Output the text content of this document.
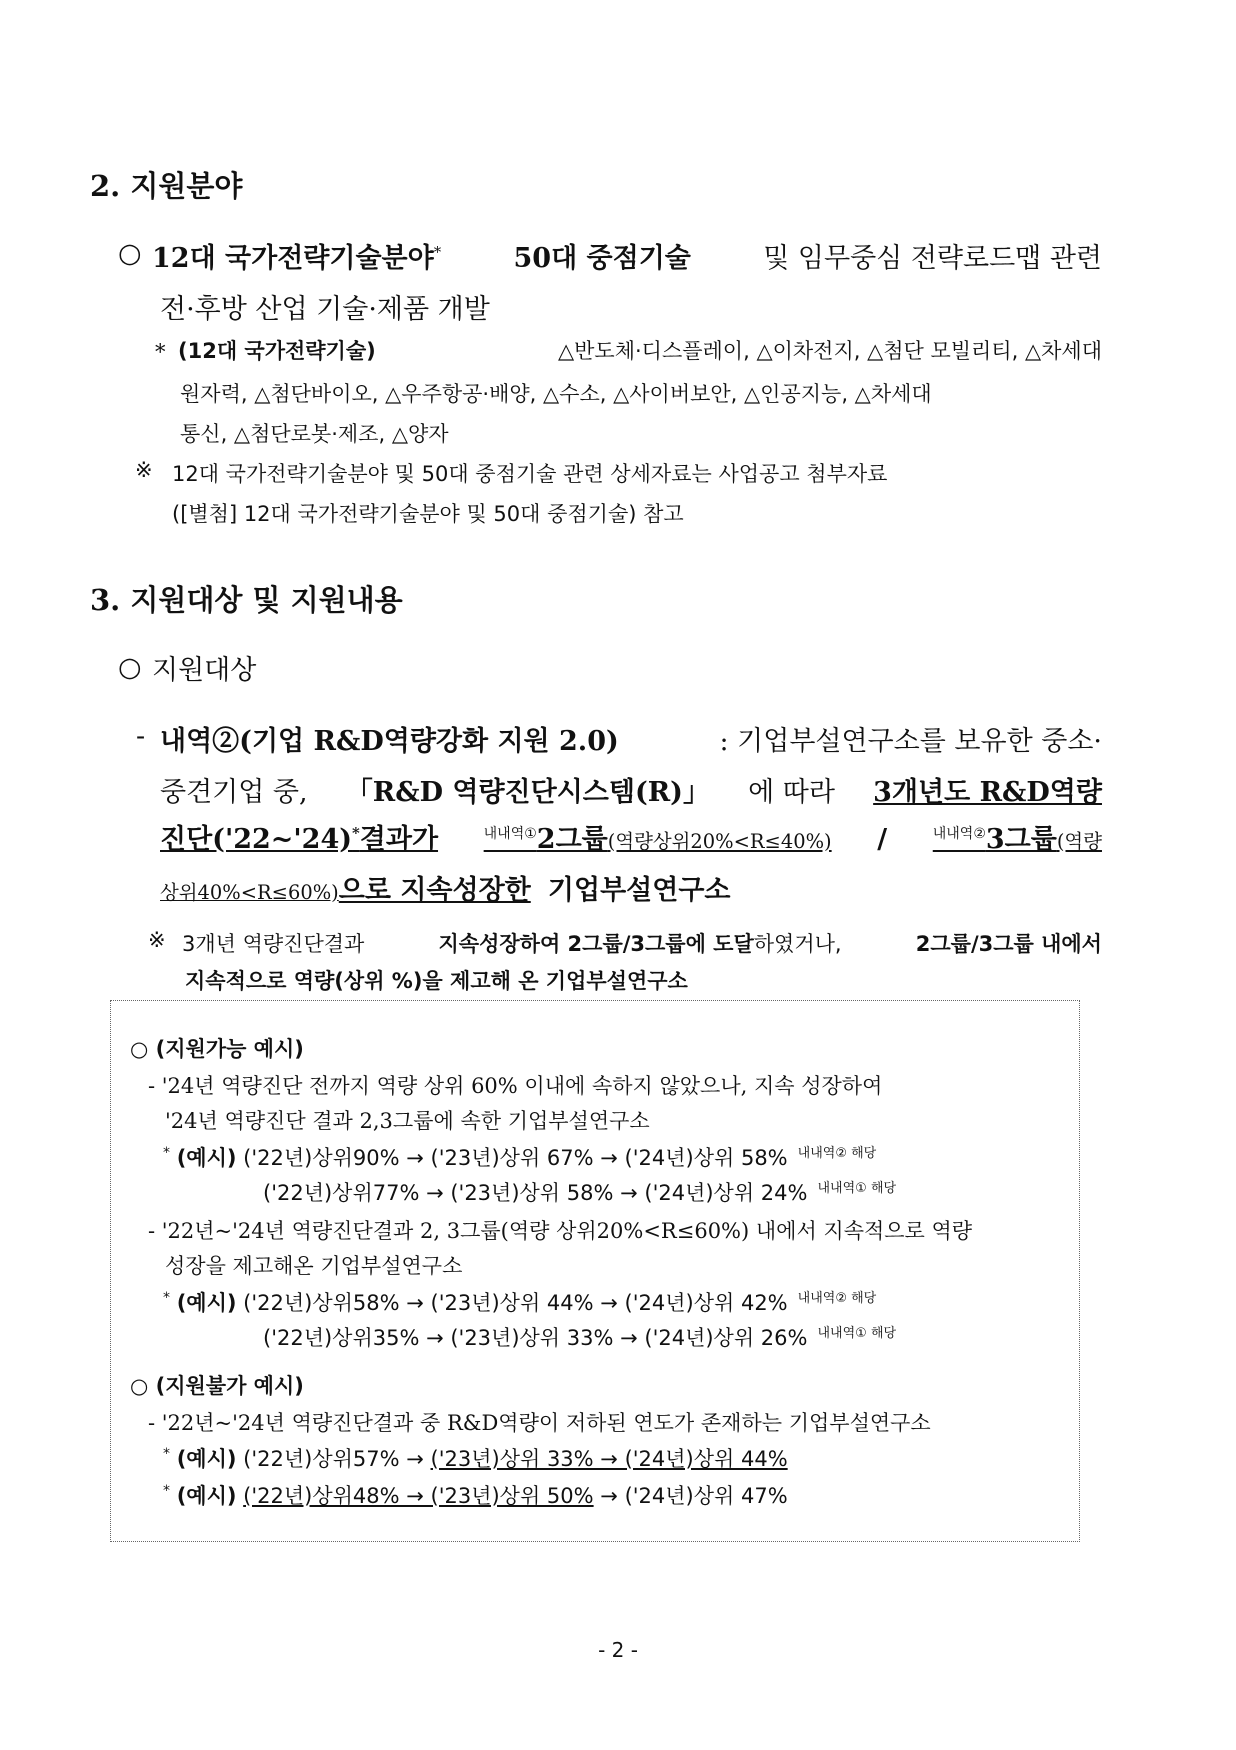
2. 지원분야
○ 12대 국가전략기술분야*	50대 중점기술	및 임무중심 전략로드맵 관련
전·후방 산업 기술·제품 개발
* (12대 국가전략기술)	△반도체·디스플레이, △이차전지, △첨단 모빌리티, △차세대
원자력, △첨단바이오, △우주항공·배양, △수소, △사이버보안, △인공지능, △차세대
통신, △첨단로봇·제조, △양자
※ 12대 국가전략기술분야 및 50대 중점기술 관련 상세자료는 사업공고 첨부자료
([별첨] 12대 국가전략기술분야 및 50대 중점기술) 참고
3. 지원대상 및 지원내용
○ 지원대상
- 내역②(기업 R&D역량강화 지원 2.0)	: 기업부설연구소를 보유한 중소·
중견기업 중, 「R&D 역량진단시스템(R)」 에 따라 3개년도 R&D역량
진단('22~'24)*결과가	$^{내내역①}$2그룹(역량상위20%<R≤40%) /	$^{내내역②}$3그룹(역량
상위40%<R≤60%)으로 지속성장한 기업부설연구소
※ 3개년 역량진단결과	지속성장하여 2그룹/3그룹에 도달하였거나,	2그룹/3그룹 내에서
지속적으로 역량(상위 %)을 제고해 온 기업부설연구소
○ (지원가능 예시)
- '24년 역량진단 전까지 역량 상위 60% 이내에 속하지 않았으나, 지속 성장하여
'24년 역량진단 결과 2,3그룹에 속한 기업부설연구소
* (예시) ('22년)상위90% → ('23년)상위 67% → ('24년)상위 58% $^{내내역② 해당}$
('22년)상위77% → ('23년)상위 58% → ('24년)상위 24% $^{내내역① 해당}$
- '22년~'24년 역량진단결과 2, 3그룹(역량 상위20%<R≤60%) 내에서 지속적으로 역량
성장을 제고해온 기업부설연구소
* (예시) ('22년)상위58% → ('23년)상위 44% → ('24년)상위 42% $^{내내역② 해당}$
('22년)상위35% → ('23년)상위 33% → ('24년)상위 26% $^{내내역① 해당}$
○ (지원불가 예시)
- '22년~'24년 역량진단결과 중 R&D역량이 저하된 연도가 존재하는 기업부설연구소
* (예시) ('22년)상위57% → ('23년)상위 33% → ('24년)상위 44%
* (예시) ('22년)상위48% → ('23년)상위 50% → ('24년)상위 47%
- 2 -
